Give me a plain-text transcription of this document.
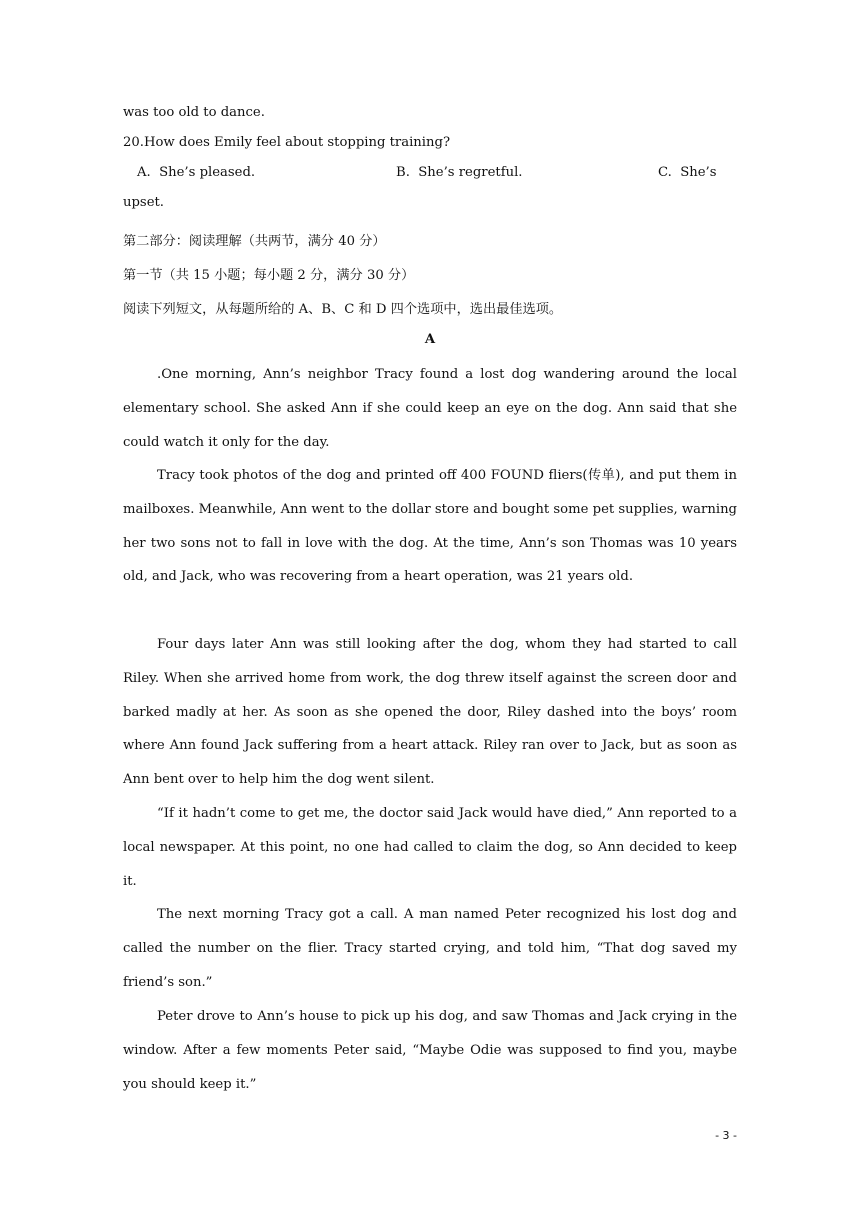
was too old to dance.
20.How does Emily feel about stopping training?
A.  She’s pleased.	B.  She’s regretful.	C.  She’s
upset.
第二部分：阅读理解（共两节，满分 40 分）
第一节（共 15 小题；每小题 2 分，满分 30 分）
阅读下列短文，从每题所给的 A、B、C 和 D 四个选项中，选出最佳选项。
A
.One morning, Ann’s neighbor Tracy found a lost dog wandering around the local elementary school. She asked Ann if she could keep an eye on the dog. Ann said that she could watch it only for the day.
Tracy took photos of the dog and printed off 400 FOUND fliers(传单), and put them in mailboxes. Meanwhile, Ann went to the dollar store and bought some pet supplies, warning her two sons not to fall in love with the dog. At the time, Ann’s son Thomas was 10 years old, and Jack, who was recovering from a heart operation, was 21 years old.
Four days later Ann was still looking after the dog, whom they had started to call Riley. When she arrived home from work, the dog threw itself against the screen door and barked madly at her. As soon as she opened the door, Riley dashed into the boys’ room where Ann found Jack suffering from a heart attack. Riley ran over to Jack, but as soon as Ann bent over to help him the dog went silent.
“If it hadn’t come to get me, the doctor said Jack would have died,” Ann reported to a local newspaper. At this point, no one had called to claim the dog, so Ann decided to keep it.
The next morning Tracy got a call. A man named Peter recognized his lost dog and called the number on the flier. Tracy started crying, and told him, “That dog saved my friend’s son.”
Peter drove to Ann’s house to pick up his dog, and saw Thomas and Jack crying in the window. After a few moments Peter said, “Maybe Odie was supposed to find you, maybe you should keep it.”
- 3 -
